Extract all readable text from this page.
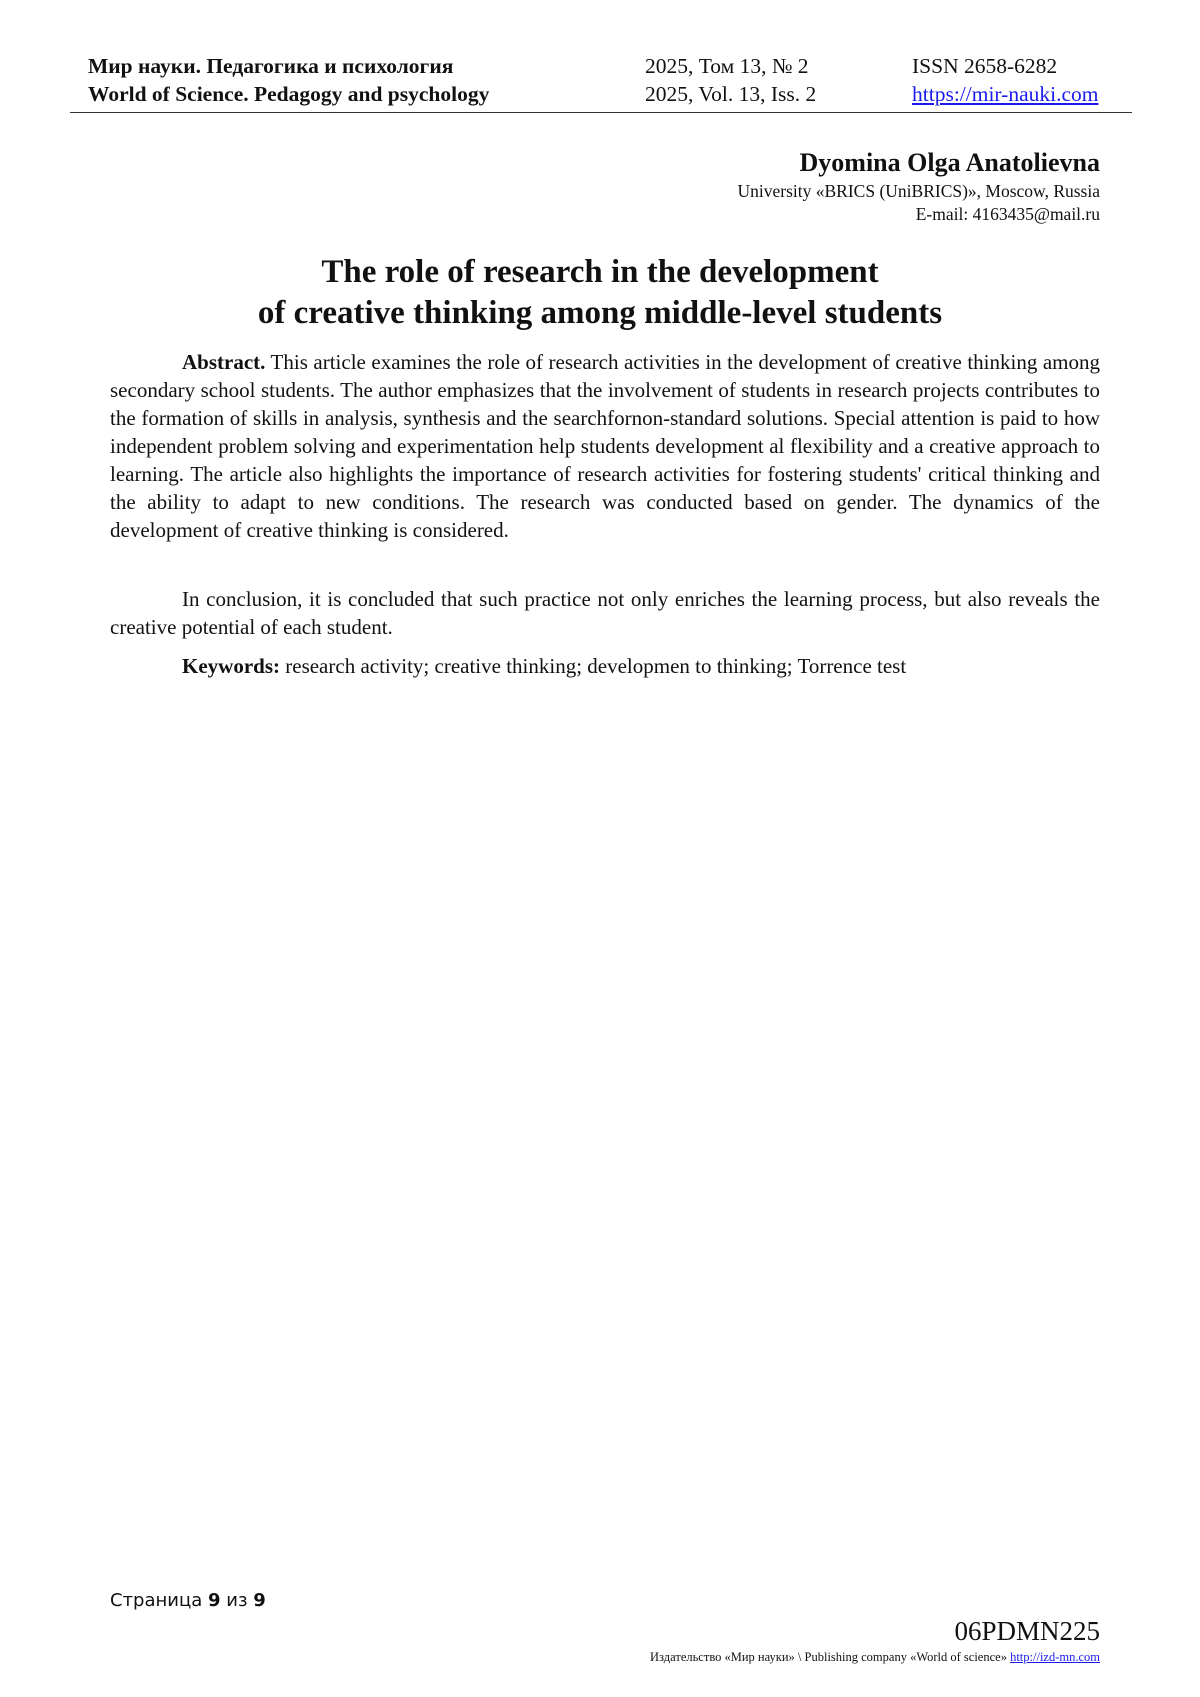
Мир науки. Педагогика и психология	2025, Том 13, № 2	ISSN 2658-6282
World of Science. Pedagogy and psychology	2025, Vol. 13, Iss. 2	https://mir-nauki.com
Dyomina Olga Anatolievna
University «BRICS (UniBRICS)», Moscow, Russia
E-mail: 4163435@mail.ru
The role of research in the development
of creative thinking among middle-level students

Abstract. This article examines the role of research activities in the development of creative thinking among secondary school students. The author emphasizes that the involvement of students in research projects contributes to the formation of skills in analysis, synthesis and the searchfornon-standard solutions. Special attention is paid to how independent problem solving and experimentation help students development al flexibility and a creative approach to learning. The article also highlights the importance of research activities for fostering students' critical thinking and the ability to adapt to new conditions. The research was conducted based on gender. The dynamics of the development of creative thinking is considered.

In conclusion, it is concluded that such practice not only enriches the learning process, but also reveals the creative potential of each student.

Keywords: research activity; creative thinking; developmen to thinking; Torrence test

Страница 9 из 9
06PDMN225
Издательство «Мир науки» \ Publishing company «World of science» http://izd-mn.com
